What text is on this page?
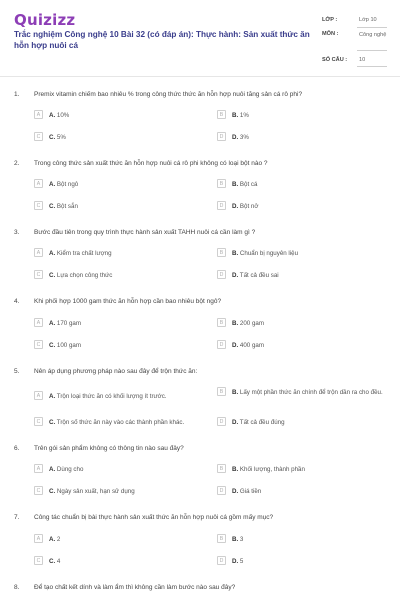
Quizizz
Trắc nghiệm Công nghệ 10 Bài 32 (có đáp án): Thực hành: Sản xuất thức ăn hỗn hợp nuôi cá
LỚP :	Lớp 10
MÔN :	Công nghệ
SỐ CÂU : 10
1. Premix vitamin chiếm bao nhiêu % trong công thức thức ăn hỗn hợp nuôi tăng sản cá rô phi?
A	A. 10%	B	B. 1%
C	C. 5%	D	D. 3%
2. Trong công thức sản xuất thức ăn hỗn hợp nuôi cá rô phi không có loại bột nào ?
A	A. Bột ngô	B	B. Bột cá
C	C. Bột sắn	D	D. Bột nở
3. Bước đầu tiên trong quy trình thực hành sản xuất TAHH nuôi cá cần làm gì ?
A	A. Kiểm tra chất lượng	B	B. Chuẩn bị nguyên liệu
C	C. Lựa chọn công thức	D	D. Tất cả đều sai
4. Khi phối hợp 1000 gam thức ăn hỗn hợp cần bao nhiêu bột ngô?
A	A. 170 gam	B	B. 200 gam
C	C. 100 gam	D	D. 400 gam
5. Nên áp dụng phương pháp nào sau đây để trộn thức ăn:
A	A. Trộn loại thức ăn có khối lượng ít trước.
B	B. Lấy một phần thức ăn chính để trộn dần ra cho đều.
C	C. Trộn số thức ăn này vào các thành phần khác.	D	D. Tất cả đều đúng
6. Trên gói sản phẩm không có thông tin nào sau đây?
A	A. Dùng cho	B	B. Khối lượng, thành phần
C	C. Ngày sản xuất, hạn sử dụng	D	D. Giá tiền
7. Công tác chuẩn bị bài thực hành sản xuất thức ăn hỗn hợp nuôi cá gồm mấy mục?
A	A. 2	B	B. 3
C	C. 4	D	D. 5
8. Để tạo chất kết dính và làm ẩm thì không cần làm bước nào sau đây?
